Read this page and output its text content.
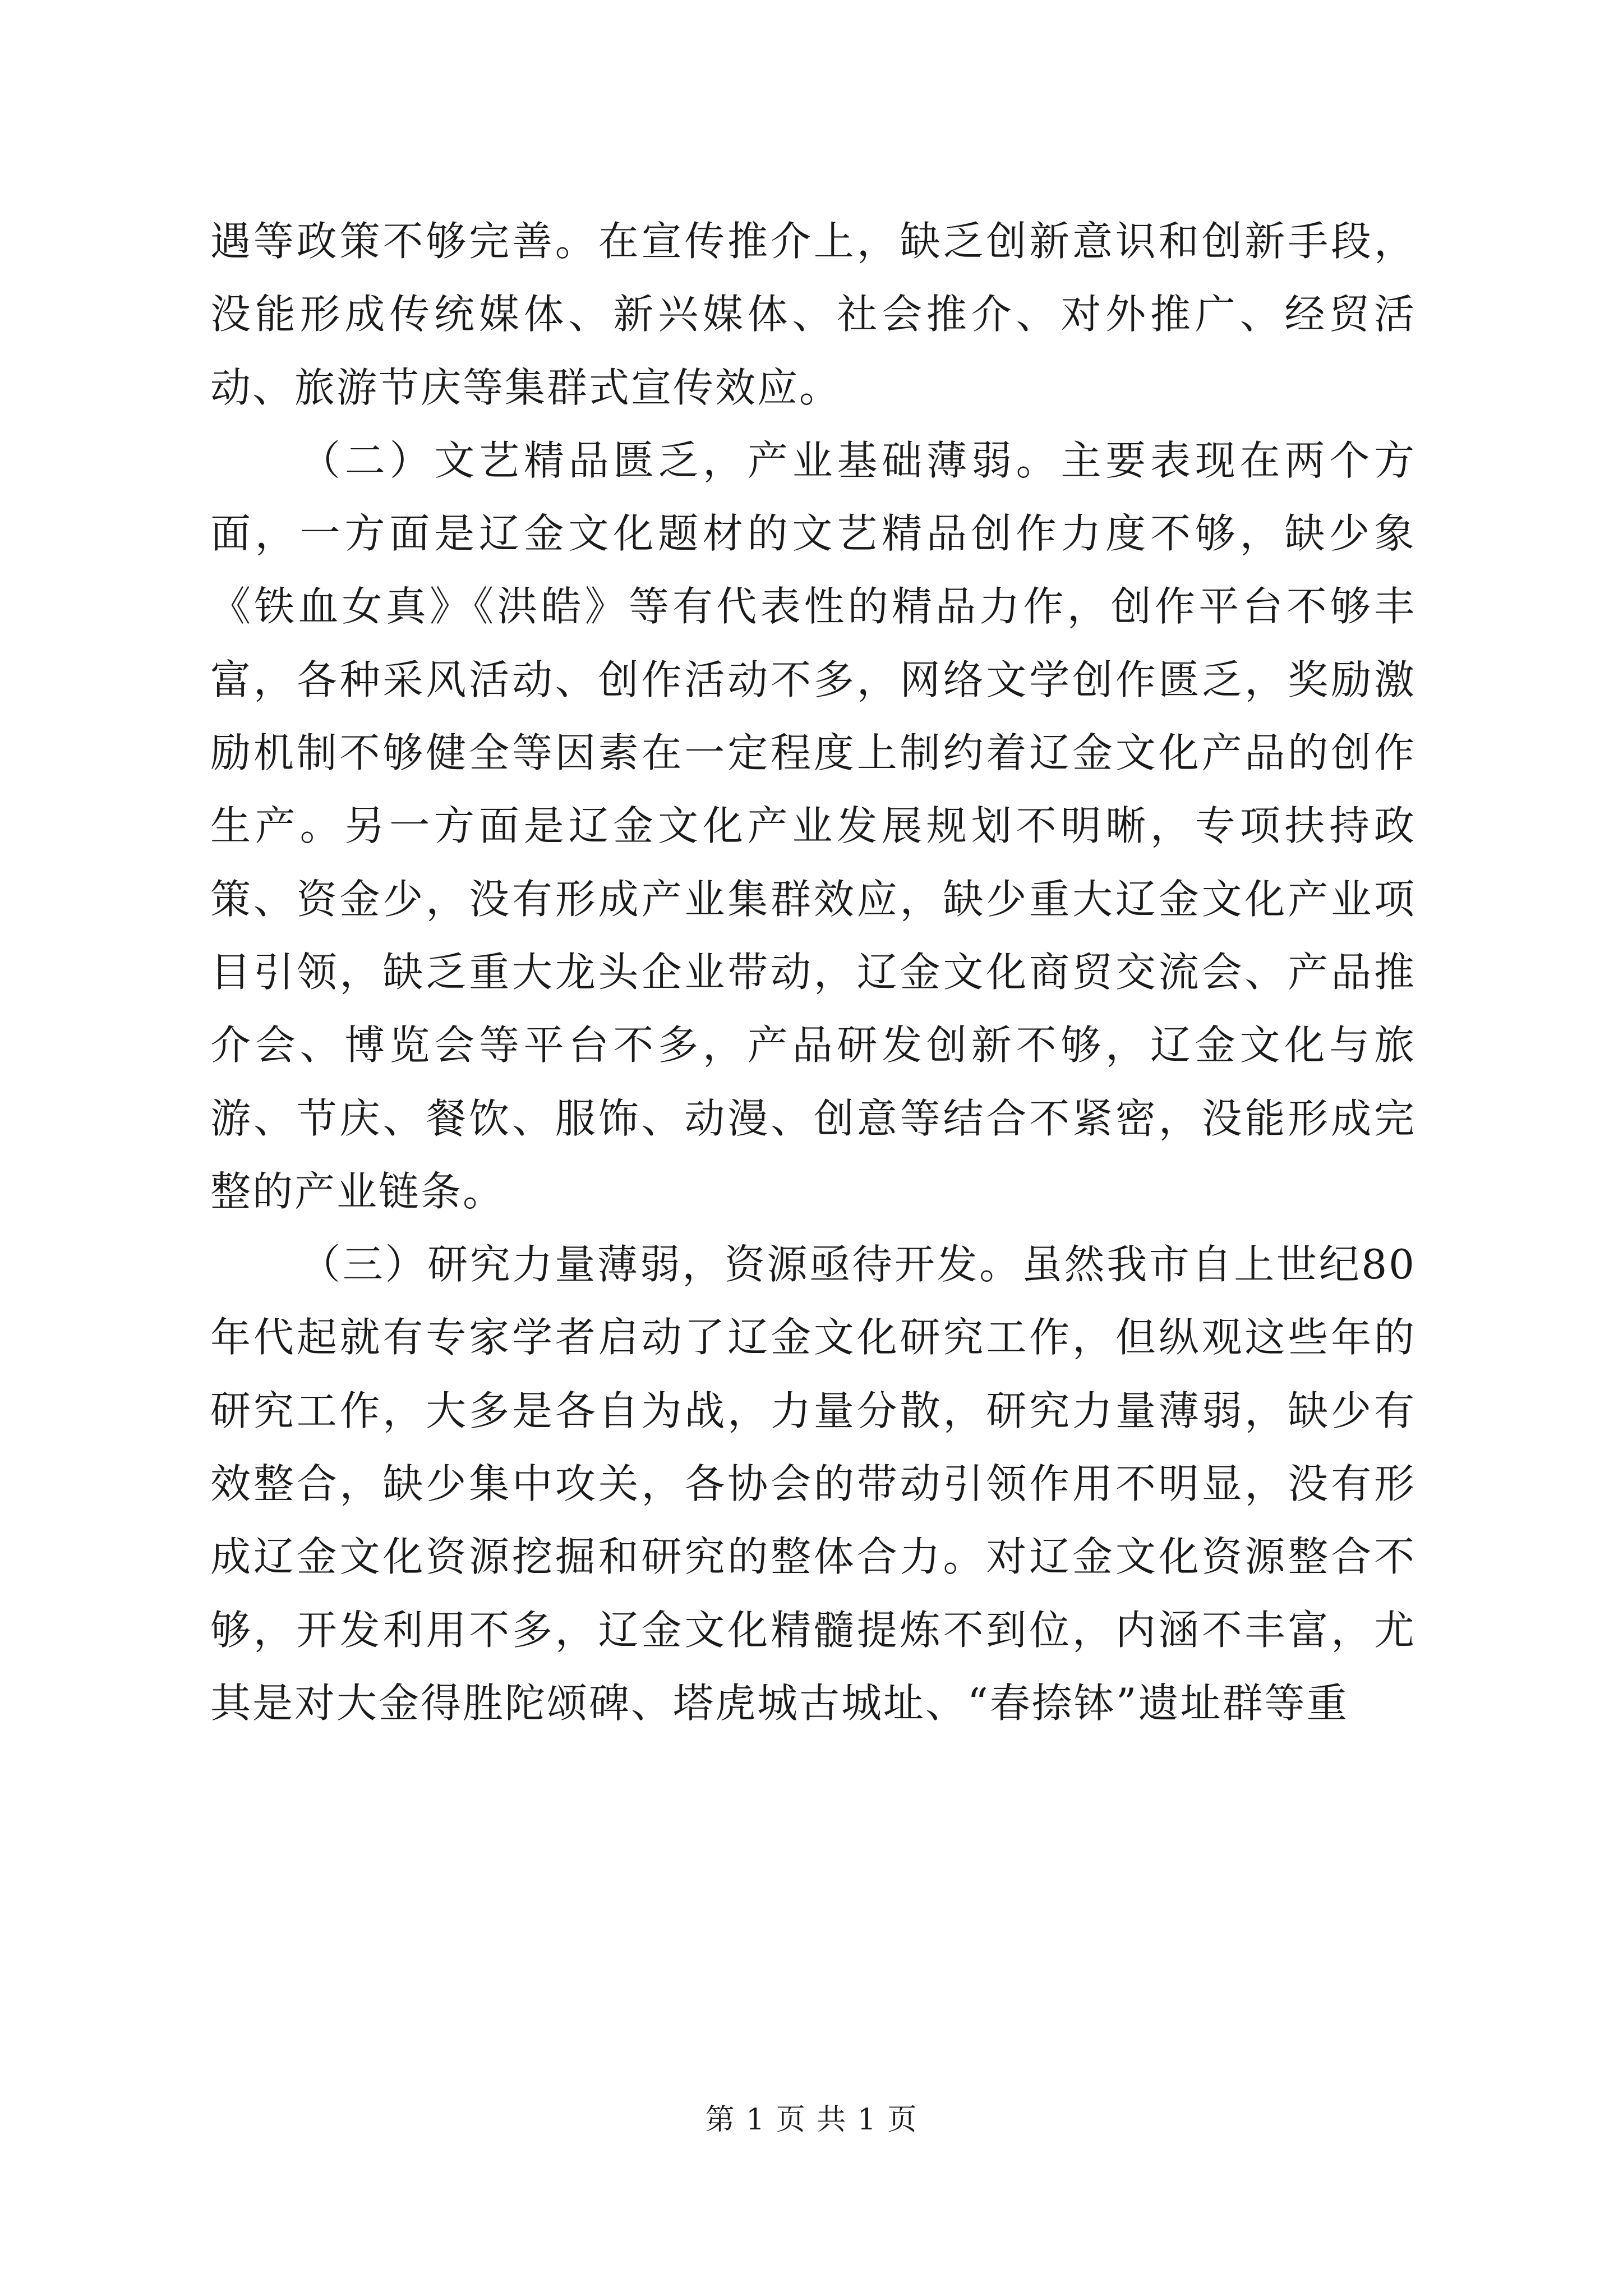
遇等政策不够完善。在宣传推介上，缺乏创新意识和创新手段，没能形成传统媒体、新兴媒体、社会推介、对外推广、经贸活动、旅游节庆等集群式宣传效应。

（二）文艺精品匮乏，产业基础薄弱。主要表现在两个方面，一方面是辽金文化题材的文艺精品创作力度不够，缺少象《铁血女真》《洪皓》等有代表性的精品力作，创作平台不够丰富，各种采风活动、创作活动不多，网络文学创作匮乏，奖励激励机制不够健全等因素在一定程度上制约着辽金文化产品的创作生产。另一方面是辽金文化产业发展规划不明晰，专项扶持政策、资金少，没有形成产业集群效应，缺少重大辽金文化产业项目引领，缺乏重大龙头企业带动，辽金文化商贸交流会、产品推介会、博览会等平台不多，产品研发创新不够，辽金文化与旅游、节庆、餐饮、服饰、动漫、创意等结合不紧密，没能形成完整的产业链条。

（三）研究力量薄弱，资源亟待开发。虽然我市自上世纪80年代起就有专家学者启动了辽金文化研究工作，但纵观这些年的研究工作，大多是各自为战，力量分散，研究力量薄弱，缺少有效整合，缺少集中攻关，各协会的带动引领作用不明显，没有形成辽金文化资源挖掘和研究的整体合力。对辽金文化资源整合不够，开发利用不多，辽金文化精髓提炼不到位，内涵不丰富，尤其是对大金得胜陀颂碑、塔虎城古城址、“春捺钵”遗址群等重

第 1 页 共 1 页
